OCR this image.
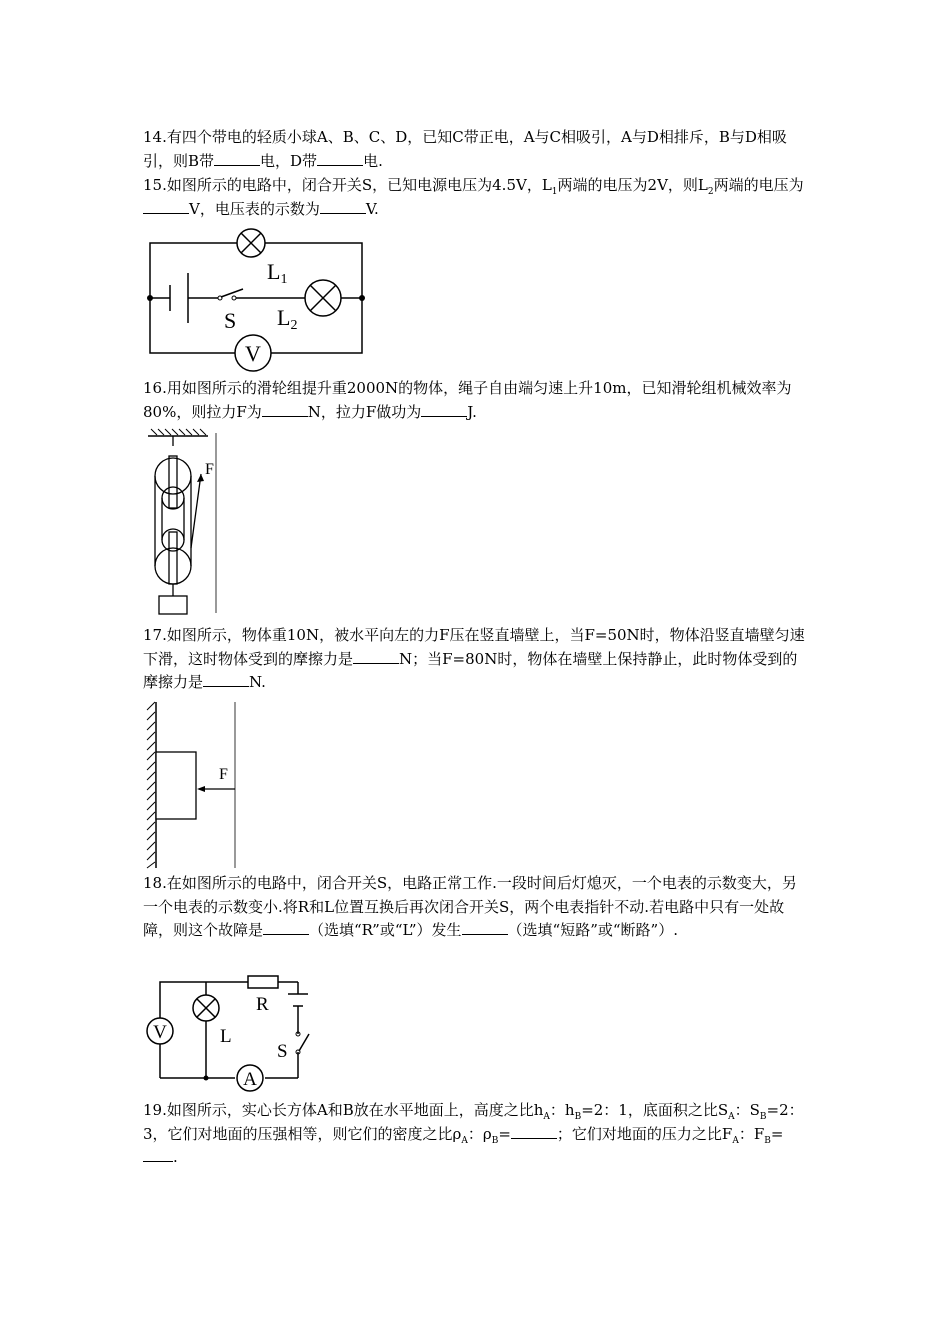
14.有四个带电的轻质小球A、B、C、D，已知C带正电，A与C相吸引，A与D相排斥，B与D相吸引，则B带	电，D带	电.

15.如图所示的电路中，闭合开关S，已知电源电压为4.5V，$L_1$两端的电压为2V，则$L_2$两端的电压为V，电压表的示数为	V.

V
L1
L2
S

16.用如图所示的滑轮组提升重2000N的物体，绳子自由端匀速上升10m，已知滑轮组机械效率为80%，则拉力F为	N，拉力F做功为	J.

F

17.如图所示，物体重10N，被水平向左的力F压在竖直墙壁上，当F=50N时，物体沿竖直墙壁匀速下滑，这时物体受到的摩擦力是	N；当F=80N时，物体在墙壁上保持静止，此时物体受到的摩擦力是	N.

F

18.在如图所示的电路中，闭合开关S，电路正常工作.一段时间后灯熄灭，一个电表的示数变大，另一个电表的示数变小.将R和L位置互换后再次闭合开关S，两个电表指针不动.若电路中只有一处故障，则这个故障是	（选填“R”或“L”）发生	（选填“短路”或“断路”）.

V
A
R
L
S

19.如图所示，实心长方体A和B放在水平地面上，高度之比$h_A$：$h_B=2$：1，底面积之比$S_A$：$S_B=2$：3，它们对地面的压强相等，则它们的密度之比$\rho_A$：$\rho_B=$	；它们对地面的压力之比$F_A$：$F_B=$.
